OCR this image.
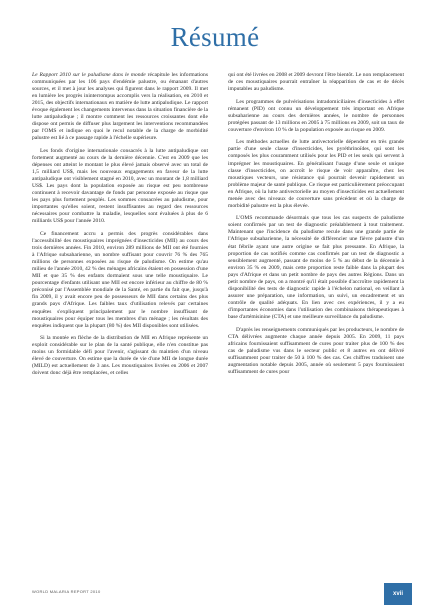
Résumé

Le Rapport 2010 sur le paludisme dans le monde récapitule les informations communiquées par les 106 pays d'endémie palustre, ou émanant d'autres sources, et il met à jour les analyses qui figurent dans le rapport 2009. Il met en lumière les progrès ininterrompus accomplis vers la réalisation, en 2010 et 2015, des objectifs internationaux en matière de lutte antipaludique. Le rapport évoque également les changements intervenus dans la situation financière de la lutte antipaludique ; il montre comment les ressources croissantes dont elle dispose ont permis de diffuser plus largement les interventions recommandées par l'OMS et indique en quoi le recul notable de la charge de morbidité palustre est lié à ce passage rapide à l'échelle supérieure.

Les fonds d'origine internationale consacrés à la lutte antipaludique ont fortement augmenté au cours de la dernière décennie. C'est en 2009 que les dépenses ont atteint le montant le plus élevé jamais observé avec un total de 1,5 milliard US$, mais les nouveaux engagements en faveur de la lutte antipaludique ont visiblement stagné en 2010, avec un montant de 1,8 milliard US$. Les pays dont la population exposée au risque est peu nombreuse continuent à recevoir davantage de fonds par personne exposée au risque que les pays plus fortement peuplés. Les sommes consacrées au paludisme, pour importantes qu'elles soient, restent insuffisantes au regard des ressources nécessaires pour combattre la maladie, lesquelles sont évaluées à plus de 6 milliards US$ pour l'année 2010.

Ce financement accru a permis des progrès considérables dans l'accessibilité des moustiquaires imprégnées d'insecticides (MII) au cours des trois dernières années. Fin 2010, environ 289 millions de MII ont été fournies à l'Afrique subsaharienne, un nombre suffisant pour couvrir 76 % des 765 millions de personnes exposées au risque de paludisme. On estime qu'au milieu de l'année 2010, 42 % des ménages africains étaient en possession d'une MII et que 35 % des enfants dormaient sous une telle moustiquaire. Le pourcentage d'enfants utilisant une MII est encore inférieur au chiffre de 80 % préconisé par l'Assemblée mondiale de la Santé, en partie du fait que, jusqu'à fin 2009, il y avait encore peu de possesseurs de MII dans certains des plus grands pays d'Afrique. Les faibles taux d'utilisation relevés par certaines enquêtes s'expliquent principalement par le nombre insuffisant de moustiquaires pour équiper tous les membres d'un ménage ; les résultats des enquêtes indiquent que la plupart (80 %) des MII disponibles sont utilisées.

Si la montée en flèche de la distribution de MII en Afrique représente un exploit considérable sur le plan de la santé publique, elle n'en constitue pas moins un formidable défi pour l'avenir, s'agissant du maintien d'un niveau élevé de couverture. On estime que la durée de vie d'une MII de longue durée (MILD) est actuellement de 3 ans. Les moustiquaires livrées en 2006 et 2007 doivent donc déjà être remplacées, et celles

qui ont été livrées en 2008 et 2009 devront l'être bientôt. Le non remplacement de ces moustiquaires pourrait entraîner la réapparition de cas et de décès imputables au paludisme.

Les programmes de pulvérisations intradomiciliaires d'insecticides à effet rémanent (PID) ont connu un développement très important en Afrique subsaharienne au cours des dernières années, le nombre de personnes protégées passant de 13 millions en 2005 à 75 millions en 2009, soit un taux de couverture d'environ 10 % de la population exposée au risque en 2009.

Les méthodes actuelles de lutte antivectorielle dépendent en très grande partie d'une seule classe d'insecticides, les pyréthrinoïdes, qui sont les composés les plus couramment utilisés pour les PID et les seuls qui servent à imprégner les moustiquaires. En généralisant l'usage d'une seule et unique classe d'insecticides, on accroît le risque de voir apparaître, chez les moustiques vecteurs, une résistance qui pourrait devenir rapidement un problème majeur de santé publique. Ce risque est particulièrement préoccupant en Afrique, où la lutte antivectorielle au moyen d'insecticides est actuellement menée avec des niveaux de couverture sans précédent et où la charge de morbidité palustre est la plus élevée.

L'OMS recommande désormais que tous les cas suspects de paludisme soient confirmés par un test de diagnostic préalablement à tout traitement. Maintenant que l'incidence du paludisme recule dans une grande partie de l'Afrique subsaharienne, la nécessité de différencier une fièvre palustre d'un état fébrile ayant une autre origine se fait plus pressante. En Afrique, la proportion de cas notifiés comme cas confirmés par un test de diagnostic a sensiblement augmenté, passant de moins de 5 % au début de la décennie à environ 35 % en 2009, mais cette proportion reste faible dans la plupart des pays d'Afrique et dans un petit nombre de pays des autres Régions. Dans un petit nombre de pays, on a montré qu'il était possible d'accroître rapidement la disponibilité des tests de diagnostic rapide à l'échelon national, en veillant à assurer une préparation, une information, un suivi, un encadrement et un contrôle de qualité adéquats. En lien avec ces expériences, il y a eu d'importantes économies dans l'utilisation des combinaisons thérapeutiques à base d'artémisinine (CTA) et une meilleure surveillance du paludisme.

D'après les renseignements communiqués par les producteurs, le nombre de CTA délivrées augmente chaque année depuis 2005. En 2009, 11 pays africains fournissaient suffisamment de cures pour traiter plus de 100 % des cas de paludisme vus dans le secteur public et 8 autres en ont délivré suffisamment pour traiter de 50 à 100 % des cas. Ces chiffres traduisent une augmentation notable depuis 2005, année où seulement 5 pays fournissaient suffisamment de cures pour

WORLD MALARIA REPORT 2010	xvii
